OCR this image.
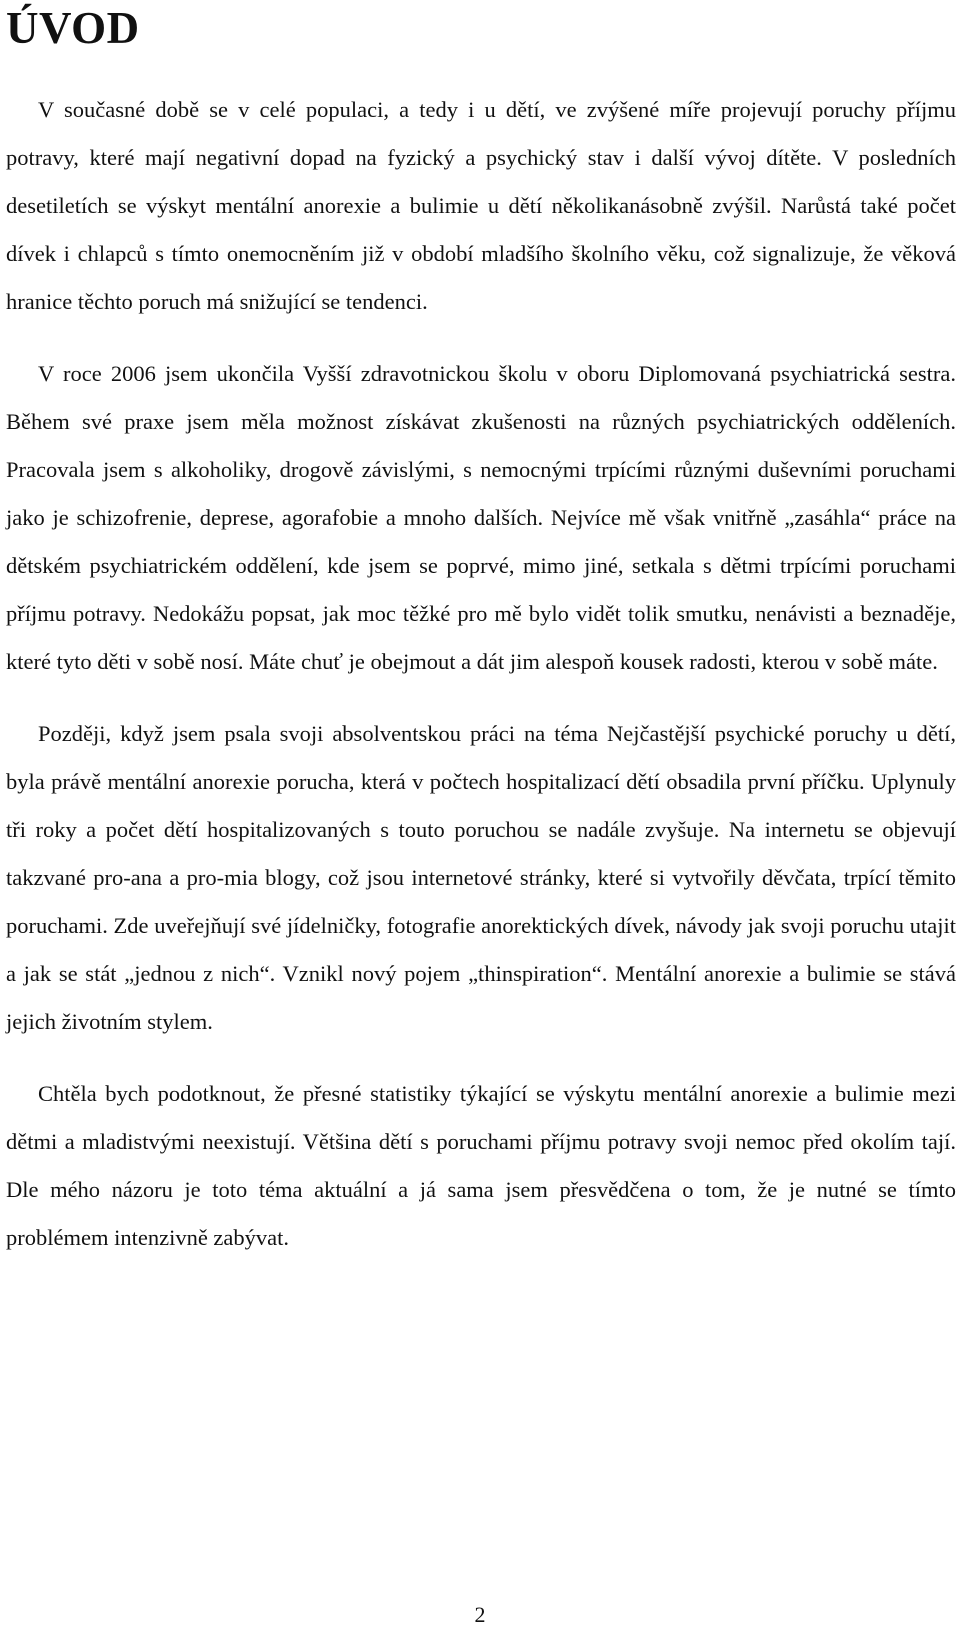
ÚVOD

V současné době se v celé populaci, a tedy i u dětí, ve zvýšené míře projevují poruchy příjmu potravy, které mají negativní dopad na fyzický a psychický stav i další vývoj dítěte. V posledních desetiletích se výskyt mentální anorexie a bulimie u dětí několikanásobně zvýšil. Narůstá také počet dívek i chlapců s tímto onemocněním již v období mladšího školního věku, což signalizuje, že věková hranice těchto poruch má snižující se tendenci.

V roce 2006 jsem ukončila Vyšší zdravotnickou školu v oboru Diplomovaná psychiatrická sestra. Během své praxe jsem měla možnost získávat zkušenosti na různých psychiatrických odděleních. Pracovala jsem s alkoholiky, drogově závislými, s nemocnými trpícími různými duševními poruchami jako je schizofrenie, deprese, agorafobie a mnoho dalších. Nejvíce mě však vnitřně „zasáhla“ práce na dětském psychiatrickém oddělení, kde jsem se poprvé, mimo jiné, setkala s dětmi trpícími poruchami příjmu potravy. Nedokážu popsat, jak moc těžké pro mě bylo vidět tolik smutku, nenávisti a beznaděje, které tyto děti v sobě nosí. Máte chuť je obejmout a dát jim alespoň kousek radosti, kterou v sobě máte.

Později, když jsem psala svoji absolventskou práci na téma Nejčastější psychické poruchy u dětí, byla právě mentální anorexie porucha, která v počtech hospitalizací dětí obsadila první příčku. Uplynuly tři roky a počet dětí hospitalizovaných s touto poruchou se nadále zvyšuje. Na internetu se objevují takzvané pro-ana a pro-mia blogy, což jsou internetové stránky, které si vytvořily děvčata, trpící těmito poruchami. Zde uveřejňují své jídelničky, fotografie anorektických dívek, návody jak svoji poruchu utajit a jak se stát „jednou z nich“. Vznikl nový pojem „thinspiration“. Mentální anorexie a bulimie se stává jejich životním stylem.

Chtěla bych podotknout, že přesné statistiky týkající se výskytu mentální anorexie a bulimie mezi dětmi a mladistvými neexistují. Většina dětí s poruchami příjmu potravy svoji nemoc před okolím tají. Dle mého názoru je toto téma aktuální a já sama jsem přesvědčena o tom, že je nutné se tímto problémem intenzivně zabývat.

2
